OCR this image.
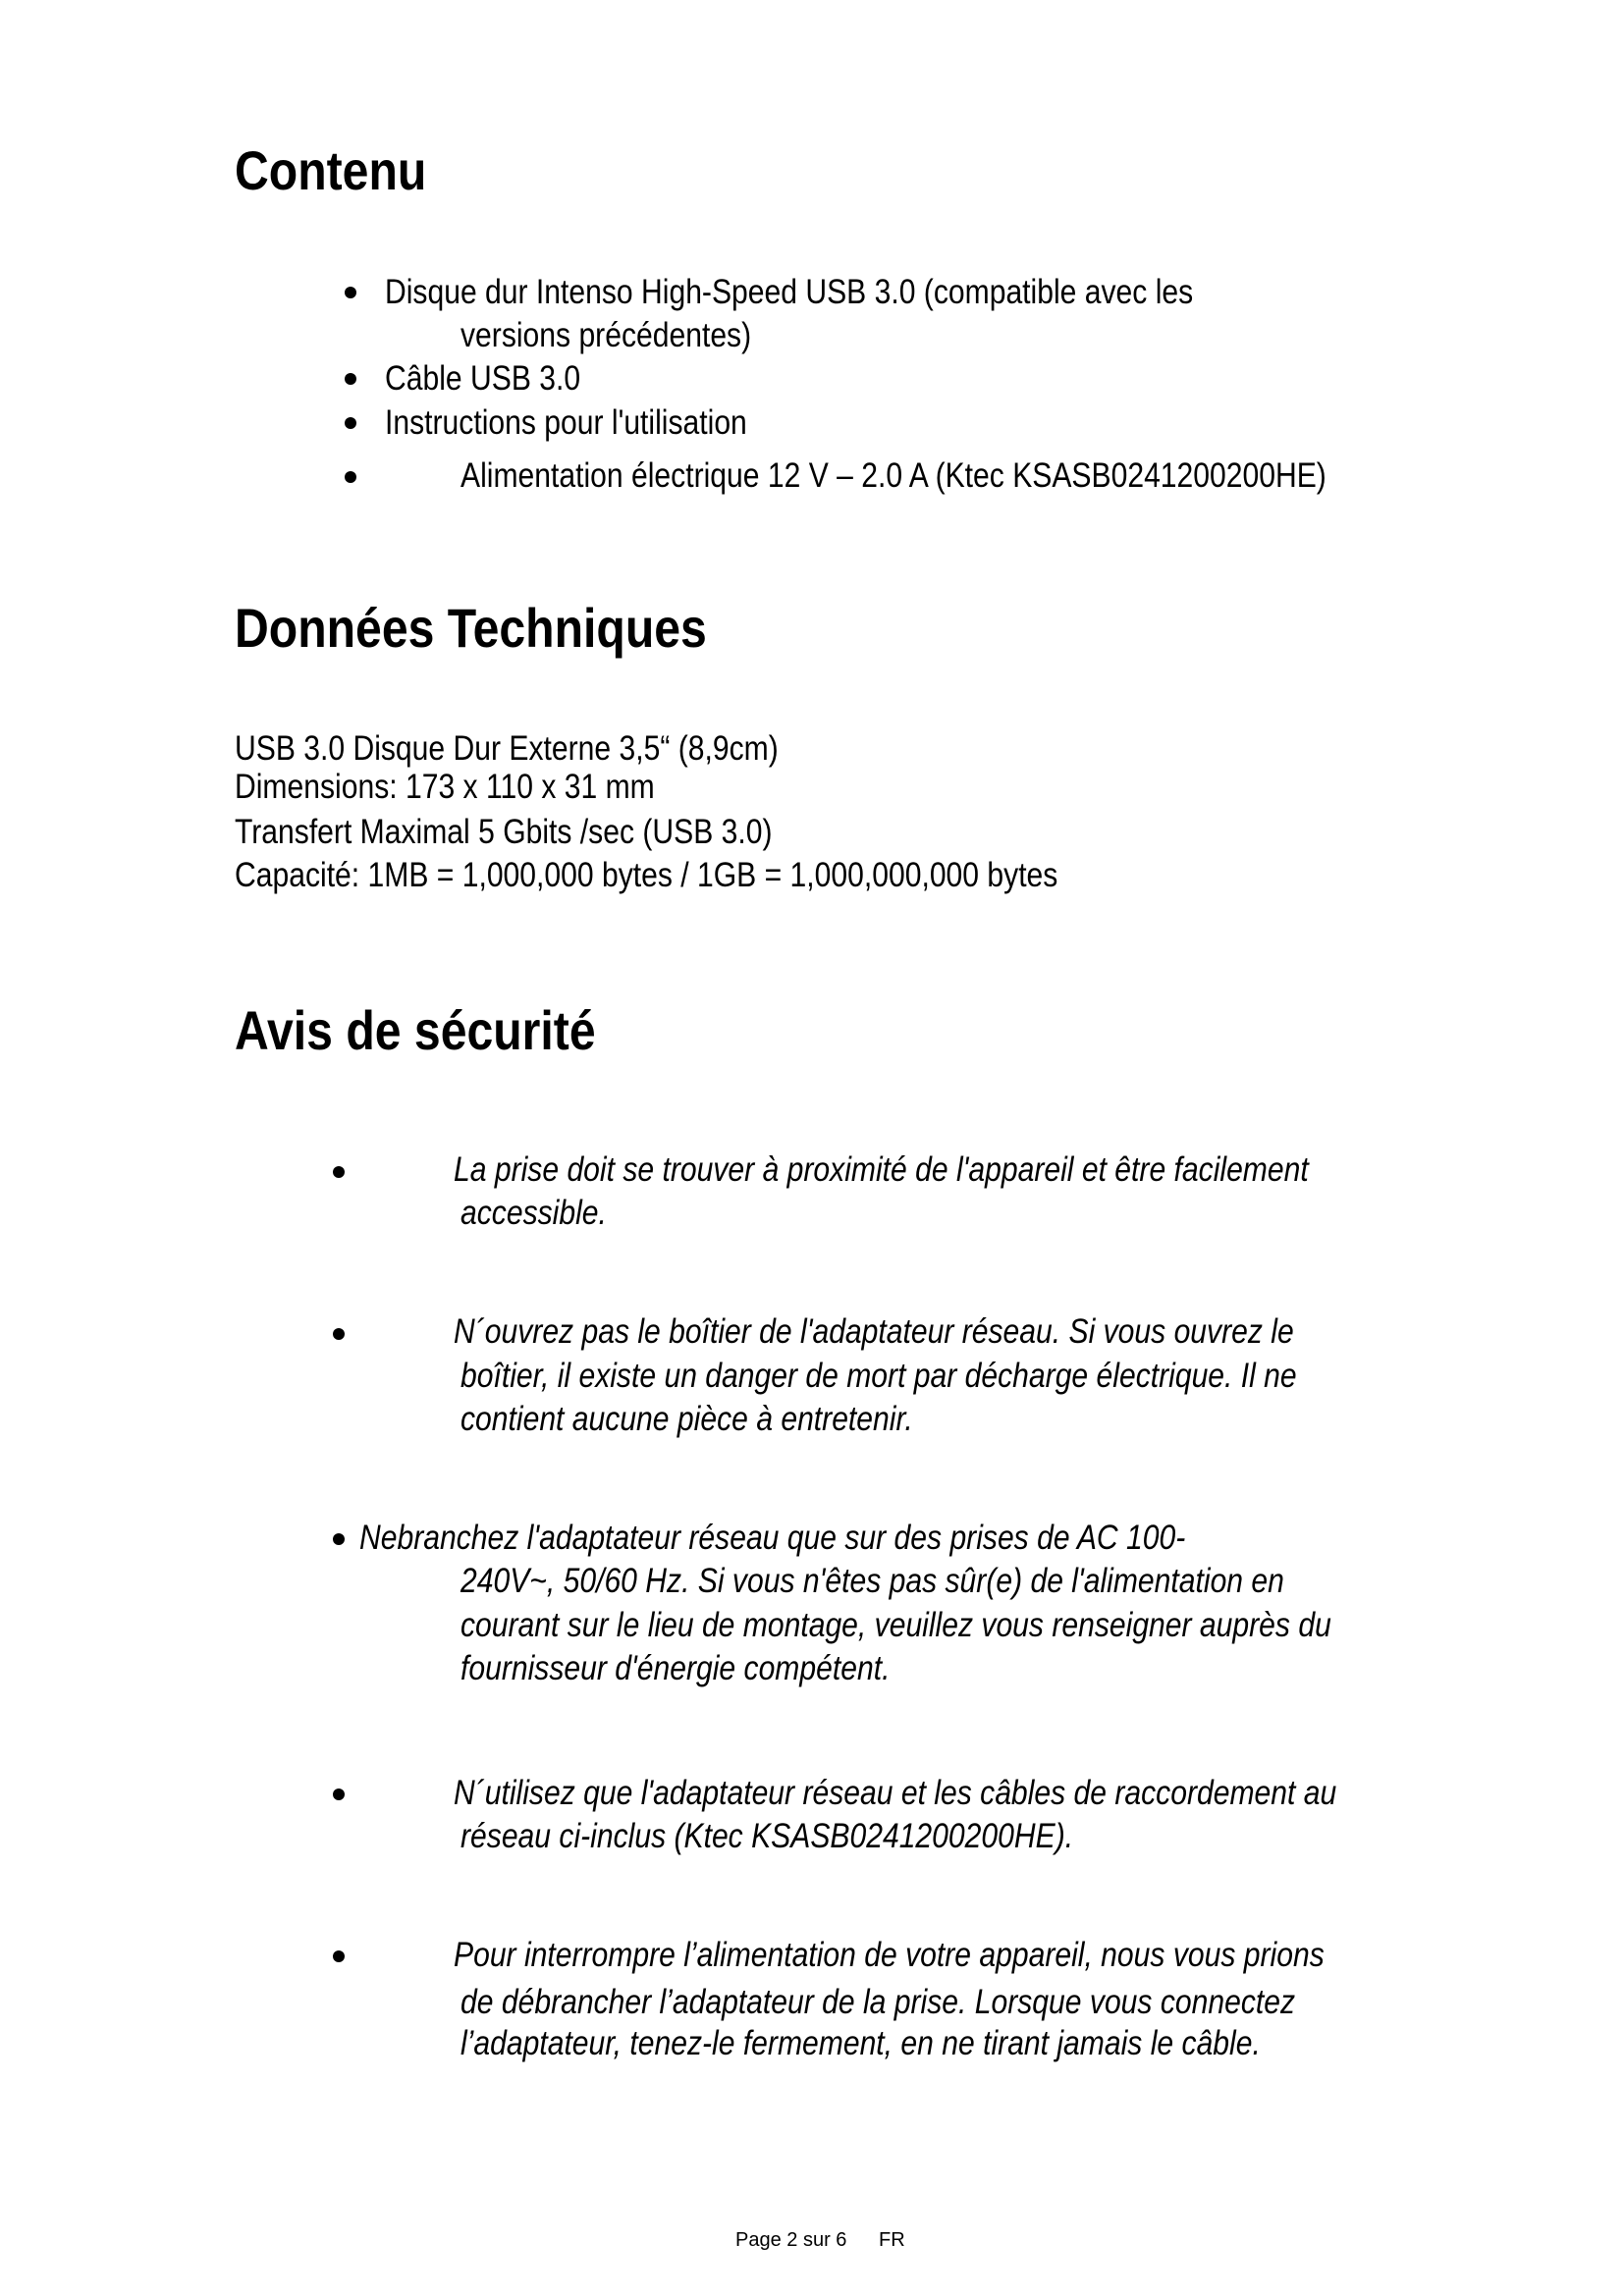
Contenu

Disque dur Intenso High-Speed USB 3.0 (compatible avec les

versions précédentes)

Câble USB 3.0

Instructions pour l'utilisation

Alimentation électrique 12 V – 2.0 A (Ktec KSASB0241200200HE)

Données Techniques

USB 3.0 Disque Dur Externe 3,5“ (8,9cm)

Dimensions: 173 x 110 x 31 mm

Transfert Maximal 5 Gbits /sec (USB 3.0)

Capacité: 1MB = 1,000,000 bytes / 1GB = 1,000,000,000 bytes

Avis de sécurité

La prise doit se trouver à proximité de l'appareil et être facilement

accessible.

N´ouvrez pas le boîtier de l'adaptateur réseau. Si vous ouvrez le

boîtier, il existe un danger de mort par décharge électrique. Il ne

contient aucune pièce à entretenir.

Nebranchez l'adaptateur réseau que sur des prises de AC 100-

240V~, 50/60 Hz. Si vous n'êtes pas sûr(e) de l'alimentation en

courant sur le lieu de montage, veuillez vous renseigner auprès du

fournisseur d'énergie compétent.

N´utilisez que l'adaptateur réseau et les câbles de raccordement au

réseau ci-inclus (Ktec KSASB0241200200HE).

Pour interrompre l’alimentation de votre appareil, nous vous prions

de débrancher l’adaptateur de la prise. Lorsque vous connectez

l’adaptateur, tenez-le fermement, en ne tirant jamais le câble.

Page 2 sur 6 FR
